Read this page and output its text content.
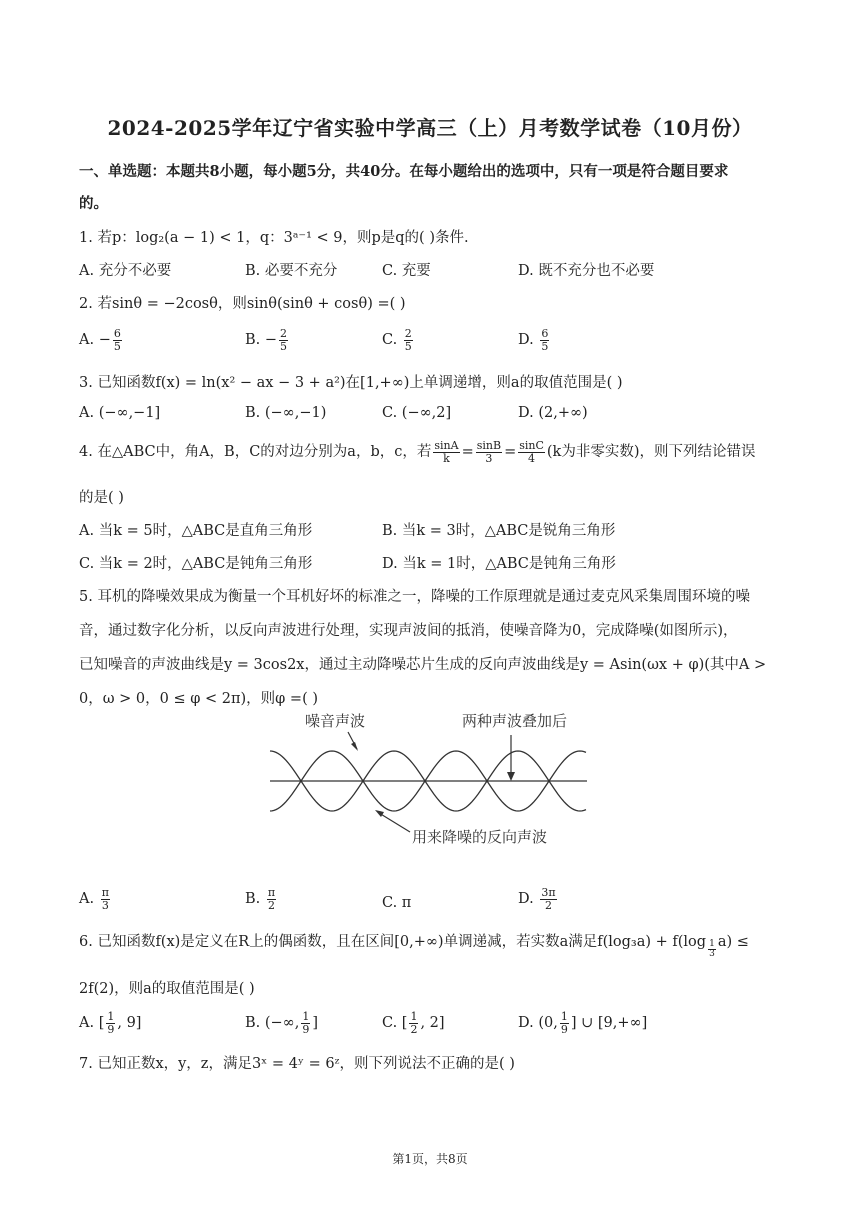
2024-2025学年辽宁省实验中学高三（上）月考数学试卷（10月份）
一、单选题：本题共8小题，每小题5分，共40分。在每小题给出的选项中，只有一项是符合题目要求
的。
1. 若p：log₂(a − 1) < 1，q：3ᵃ⁻¹ < 9，则p是q的( )条件.
A. 充分不必要	B. 必要不充分	C. 充要	D. 既不充分也不必要
2. 若sinθ = −2cosθ，则sinθ(sinθ + cosθ) =( )
A. − $\frac{6}{5}$	B. − $\frac{2}{5}$	C. $\frac{2}{5}$	D. $\frac{6}{5}$
3. 已知函数f(x) = ln(x² − ax − 3 + a²)在[1,+∞)上单调递增，则a的取值范围是( )
A. (−∞,−1]	B. (−∞,−1)	C. (−∞,2]	D. (2,+∞)
4. 在△ABC中，角A，B，C的对边分别为a，b，c，若 $\frac{\sin A}{k} = \frac{\sin B}{3} = \frac{\sin C}{4} (k$为非零实数)，则下列结论错误
的是( )
A. 当k = 5时，△ABC是直角三角形	B. 当k = 3时，△ABC是锐角三角形
C. 当k = 2时，△ABC是钝角三角形	D. 当k = 1时，△ABC是钝角三角形
5. 耳机的降噪效果成为衡量一个耳机好坏的标准之一，降噪的工作原理就是通过麦克风采集周围环境的噪
音，通过数字化分析，以反向声波进行处理，实现声波间的抵消，使噪音降为0，完成降噪(如图所示)，
已知噪音的声波曲线是y = 3cos2x，通过主动降噪芯片生成的反向声波曲线是y = Asin(ωx + φ)(其中A >
0，ω > 0，0 ≤ φ < 2π)，则φ =( )
噪音声波	两种声波叠加后
用来降噪的反向声波
A. $\frac{\pi}{3}$	B. $\frac{\pi}{2}$	C. π	D. $\frac{3\pi}{2}$
6. 已知函数f(x)是定义在R上的偶函数，且在区间[0,+∞)单调递减，若实数a满足$f(\log_3a) + f(\log \frac{1}{3} a)$ ≤
2f(2)，则a的取值范围是( )
A. [ $\frac{1}{9}$ , 9]	B. (−∞, $\frac{1}{9}$ ]	C. [ $\frac{1}{2}$ , 2]	D. (0, $\frac{1}{9}$ ] ∪ [9,+∞]
7. 已知正数x，y，z，满足3ˣ = 4ʸ = 6ᶻ，则下列说法不正确的是( )
第1页，共8页
